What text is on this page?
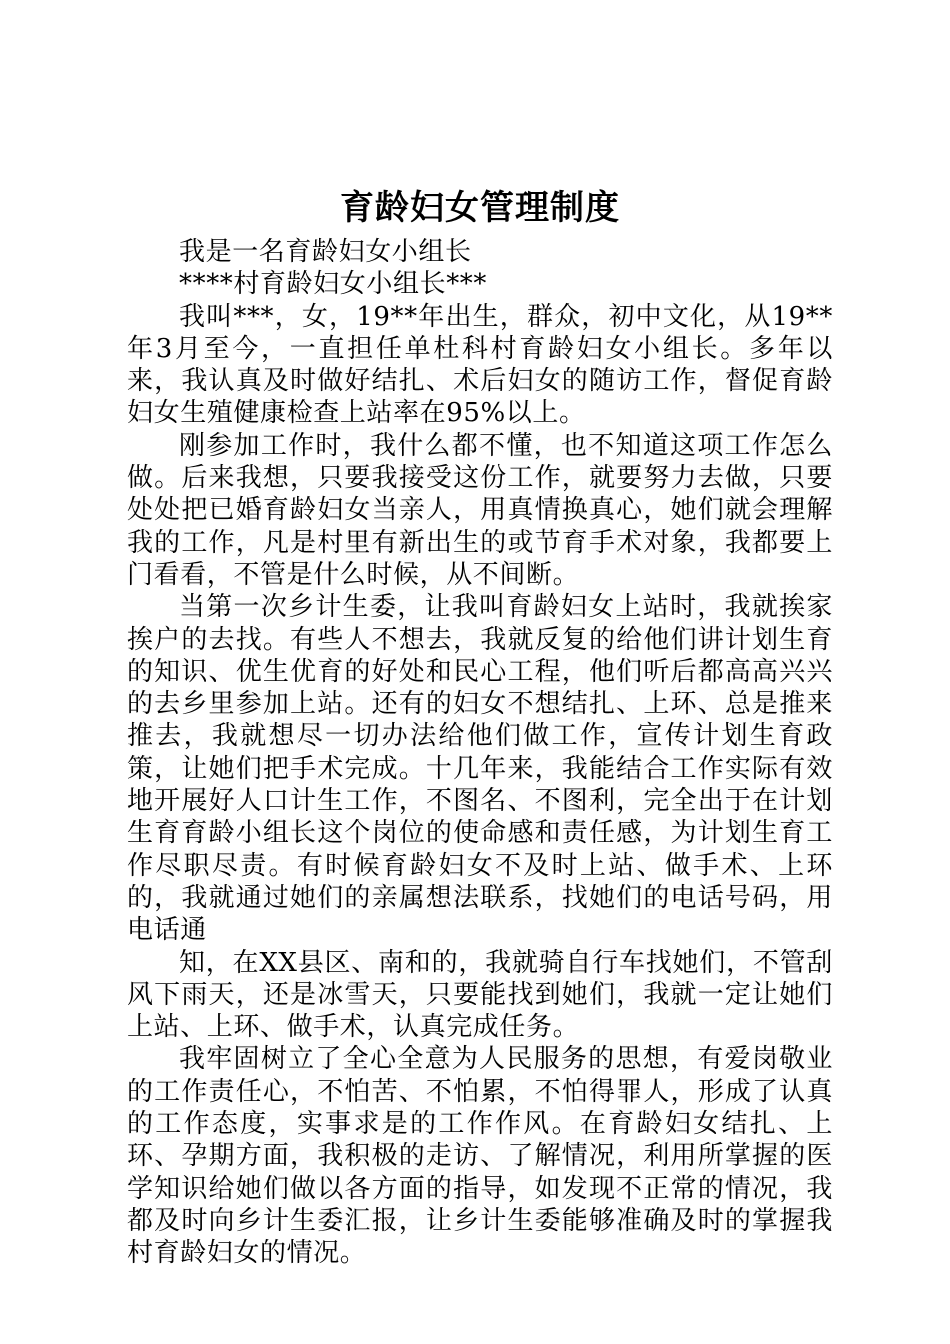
育龄妇女管理制度

我是一名育龄妇女小组长

****村育龄妇女小组长***

我叫***，女，19**年出生，群众，初中文化，从19**年3月至今，一直担任单杜科村育龄妇女小组长。多年以来，我认真及时做好结扎、术后妇女的随访工作，督促育龄妇女生殖健康检查上站率在95%以上。

刚参加工作时，我什么都不懂，也不知道这项工作怎么做。后来我想，只要我接受这份工作，就要努力去做，只要处处把已婚育龄妇女当亲人，用真情换真心，她们就会理解我的工作，凡是村里有新出生的或节育手术对象，我都要上门看看，不管是什么时候，从不间断。

当第一次乡计生委，让我叫育龄妇女上站时，我就挨家挨户的去找。有些人不想去，我就反复的给他们讲计划生育的知识、优生优育的好处和民心工程，他们听后都高高兴兴的去乡里参加上站。还有的妇女不想结扎、上环、总是推来推去，我就想尽一切办法给他们做工作，宣传计划生育政策，让她们把手术完成。十几年来，我能结合工作实际有效地开展好人口计生工作，不图名、不图利，完全出于在计划生育育龄小组长这个岗位的使命感和责任感，为计划生育工作尽职尽责。有时候育龄妇女不及时上站、做手术、上环的，我就通过她们的亲属想法联系，找她们的电话号码，用电话通

知，在XX县区、南和的，我就骑自行车找她们，不管刮风下雨天，还是冰雪天，只要能找到她们，我就一定让她们上站、上环、做手术，认真完成任务。

我牢固树立了全心全意为人民服务的思想，有爱岗敬业的工作责任心，不怕苦、不怕累，不怕得罪人，形成了认真的工作态度，实事求是的工作作风。在育龄妇女结扎、上环、孕期方面，我积极的走访、了解情况，利用所掌握的医学知识给她们做以各方面的指导，如发现不正常的情况，我都及时向乡计生委汇报，让乡计生委能够准确及时的掌握我村育龄妇女的情况。
